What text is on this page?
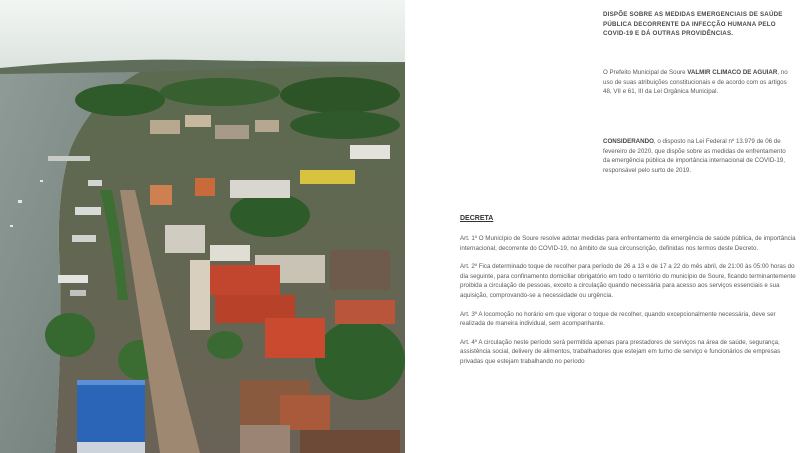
DISPÕE SOBRE AS MEDIDAS EMERGENCIAIS DE SAÚDE PÚBLICA DECORRENTE DA INFECÇÃO HUMANA PELO COVID-19 E DÁ OUTRAS PROVIDÊNCIAS.

O Prefeito Municipal de Soure VALMIR CLIMACO DE AGUIAR, no uso de suas atribuições constitucionais e de acordo com os artigos 48, VII e 61, III da Lei Orgânica Municipal.

CONSIDERANDO, o disposto na Lei Federal nº 13.979 de 06 de fevereiro de 2020, que dispõe sobre as medidas de enfrentamento da emergência pública de importância internacional de COVID-19, responsável pelo surto de 2019.

DECRETA

Art. 1º O Município de Soure resolve adotar medidas para enfrentamento da emergência de saúde pública, de importância internacional, decorrente do COVID-19, no âmbito de sua circunscrição, definidas nos termos deste Decreto.

Art. 2º Fica determinado toque de recolher para período de 26 a 13 e de 17 a 22 do mês abril, de 21:00 às 05:00 horas do dia seguinte, para confinamento domiciliar obrigatório em todo o território do município de Soure, ficando terminantemente proibida a circulação de pessoas, exceto a circulação quando necessária para acesso aos serviços essenciais e sua aquisição, comprovando-se a necessidade ou urgência.

Art. 3º A locomoção no horário em que vigorar o toque de recolher, quando excepcionalmente necessária, deve ser realizada de maneira individual, sem acompanhante.

Art. 4º A circulação neste período será permitida apenas para prestadores de serviços na área de saúde, segurança, assistência social, delivery de alimentos, trabalhadores que estejam em turno de serviço e funcionários de empresas privadas que estejam trabalhando no período
